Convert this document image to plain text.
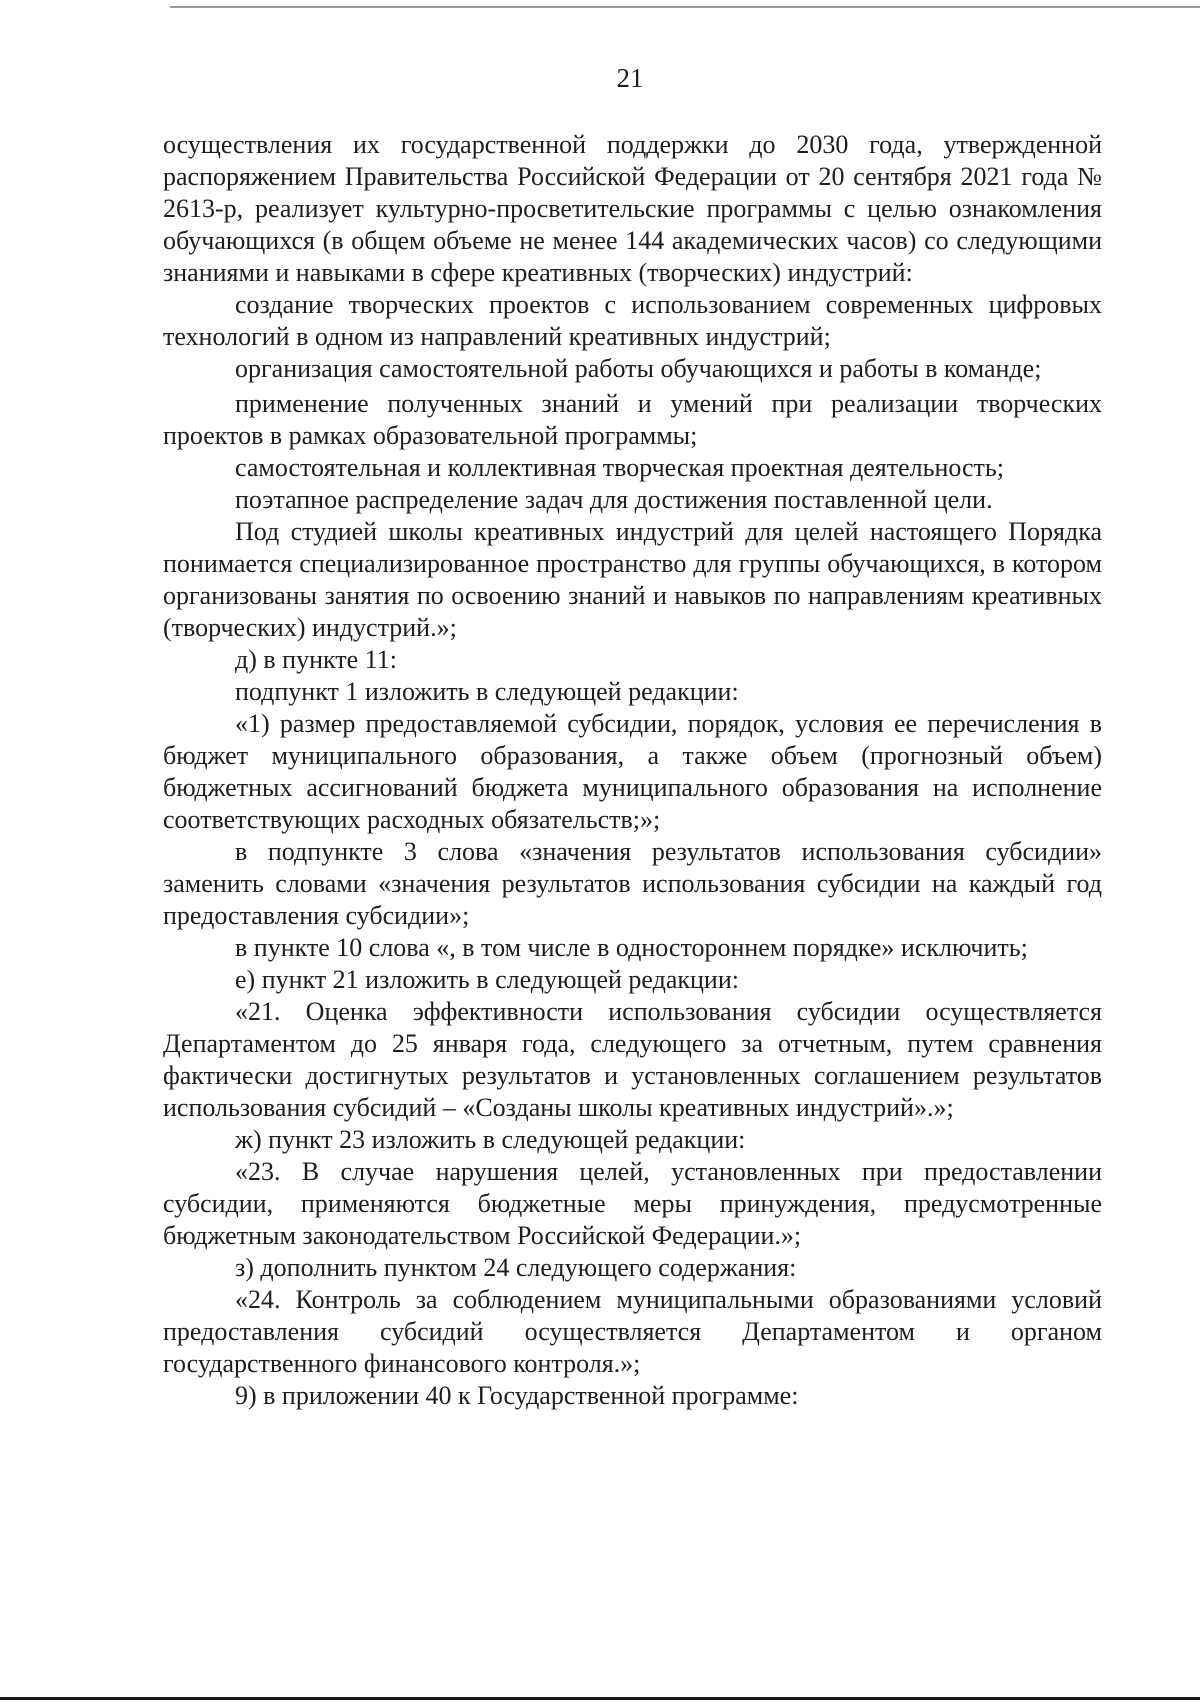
21

осуществления их государственной поддержки до 2030 года, утвержденной распоряжением Правительства Российской Федерации от 20 сентября 2021 года № 2613-р, реализует культурно-просветительские программы с целью ознакомления обучающихся (в общем объеме не менее 144 академических часов) со следующими знаниями и навыками в сфере креативных (творческих) индустрий:

создание творческих проектов с использованием современных цифровых технологий в одном из направлений креативных индустрий;

организация самостоятельной работы обучающихся и работы в команде;

применение полученных знаний и умений при реализации творческих проектов в рамках образовательной программы;

самостоятельная и коллективная творческая проектная деятельность;

поэтапное распределение задач для достижения поставленной цели.

Под студией школы креативных индустрий для целей настоящего Порядка понимается специализированное пространство для группы обучающихся, в котором организованы занятия по освоению знаний и навыков по направлениям креативных (творческих) индустрий.»;

д) в пункте 11:

подпункт 1 изложить в следующей редакции:

«1) размер предоставляемой субсидии, порядок, условия ее перечисления в бюджет муниципального образования, а также объем (прогнозный объем) бюджетных ассигнований бюджета муниципального образования на исполнение соответствующих расходных обязательств;»;

в подпункте 3 слова «значения результатов использования субсидии» заменить словами «значения результатов использования субсидии на каждый год предоставления субсидии»;

в пункте 10 слова «, в том числе в одностороннем порядке» исключить;

е) пункт 21 изложить в следующей редакции:

«21. Оценка эффективности использования субсидии осуществляется Департаментом до 25 января года, следующего за отчетным, путем сравнения фактически достигнутых результатов и установленных соглашением результатов использования субсидий – «Созданы школы креативных индустрий».»;

ж) пункт 23 изложить в следующей редакции:

«23. В случае нарушения целей, установленных при предоставлении субсидии, применяются бюджетные меры принуждения, предусмотренные бюджетным законодательством Российской Федерации.»;

з) дополнить пунктом 24 следующего содержания:

«24. Контроль за соблюдением муниципальными образованиями условий предоставления субсидий осуществляется Департаментом и органом государственного финансового контроля.»;

9) в приложении 40 к Государственной программе:
